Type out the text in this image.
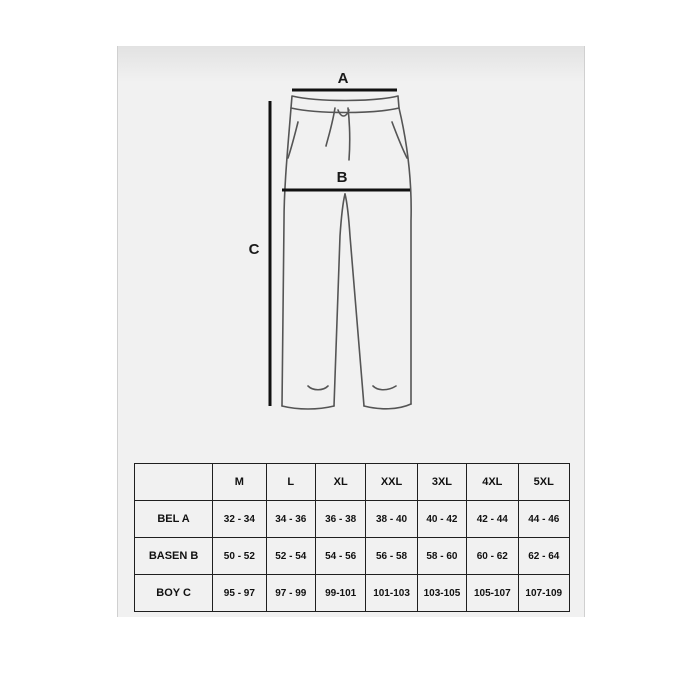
A
C
B
	M	L	XL	XXL	3XL	4XL	5XL
BEL A	32 - 34	34 - 36	36 - 38	38 - 40	40 - 42	42 - 44	44 - 46
BASEN B	50 - 52	52 - 54	54 - 56	56 - 58	58 - 60	60 - 62	62 - 64
BOY C	95 - 97	97 - 99	99-101	101-103	103-105	105-107	107-109
